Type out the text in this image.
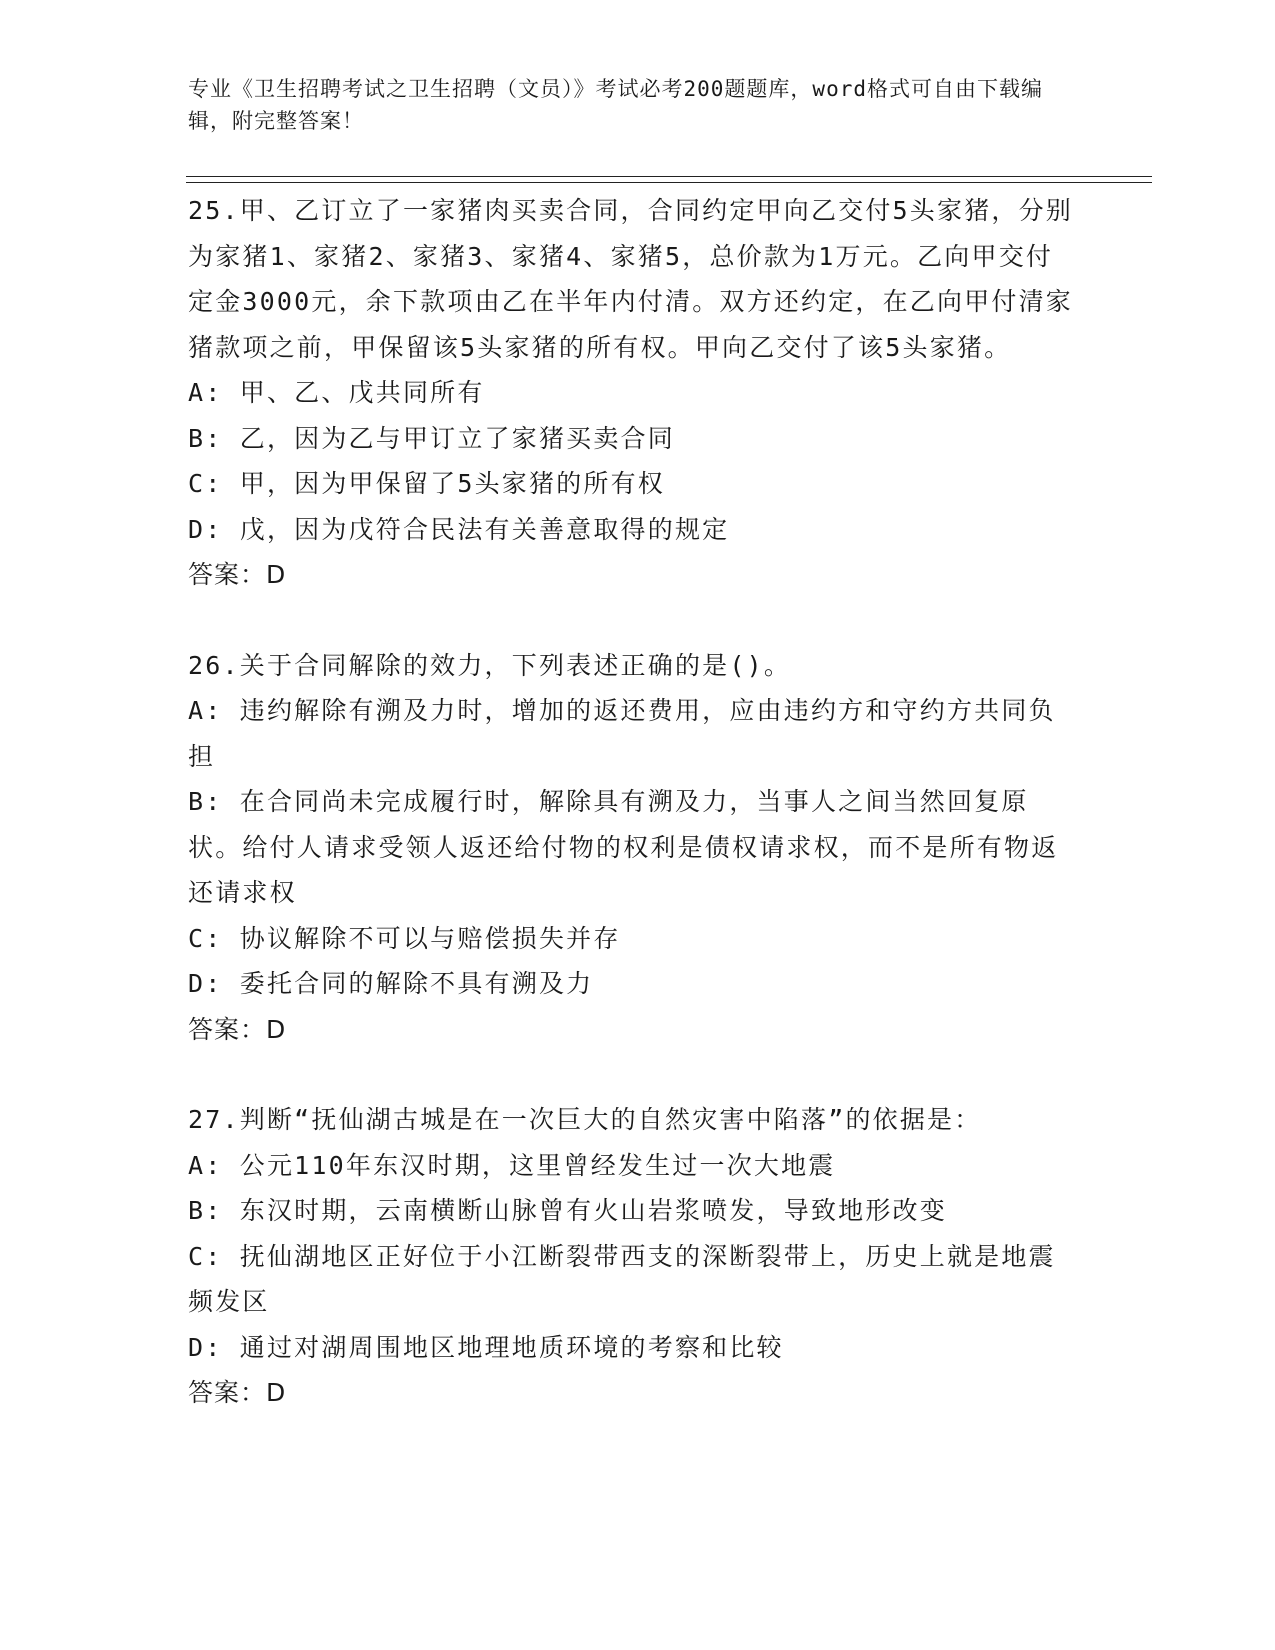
专业《卫生招聘考试之卫生招聘（文员）》考试必考200题题库，word格式可自由下载编辑，附完整答案！

25.甲、乙订立了一家猪肉买卖合同，合同约定甲向乙交付5头家猪，分别为家猪1、家猪2、家猪3、家猪4、家猪5，总价款为1万元。乙向甲交付定金3000元，余下款项由乙在半年内付清。双方还约定，在乙向甲付清家猪款项之前，甲保留该5头家猪的所有权。甲向乙交付了该5头家猪。

A: 甲、乙、戊共同所有

B: 乙，因为乙与甲订立了家猪买卖合同

C: 甲，因为甲保留了5头家猪的所有权

D: 戊，因为戊符合民法有关善意取得的规定

答案：D

26.关于合同解除的效力，下列表述正确的是()。

A: 违约解除有溯及力时，增加的返还费用，应由违约方和守约方共同负担

B: 在合同尚未完成履行时，解除具有溯及力，当事人之间当然回复原状。给付人请求受领人返还给付物的权利是债权请求权，而不是所有物返还请求权

C: 协议解除不可以与赔偿损失并存

D: 委托合同的解除不具有溯及力

答案：D

27.判断“抚仙湖古城是在一次巨大的自然灾害中陷落”的依据是：

A: 公元110年东汉时期，这里曾经发生过一次大地震

B: 东汉时期，云南横断山脉曾有火山岩浆喷发，导致地形改变

C: 抚仙湖地区正好位于小江断裂带西支的深断裂带上，历史上就是地震频发区

D: 通过对湖周围地区地理地质环境的考察和比较

答案：D
